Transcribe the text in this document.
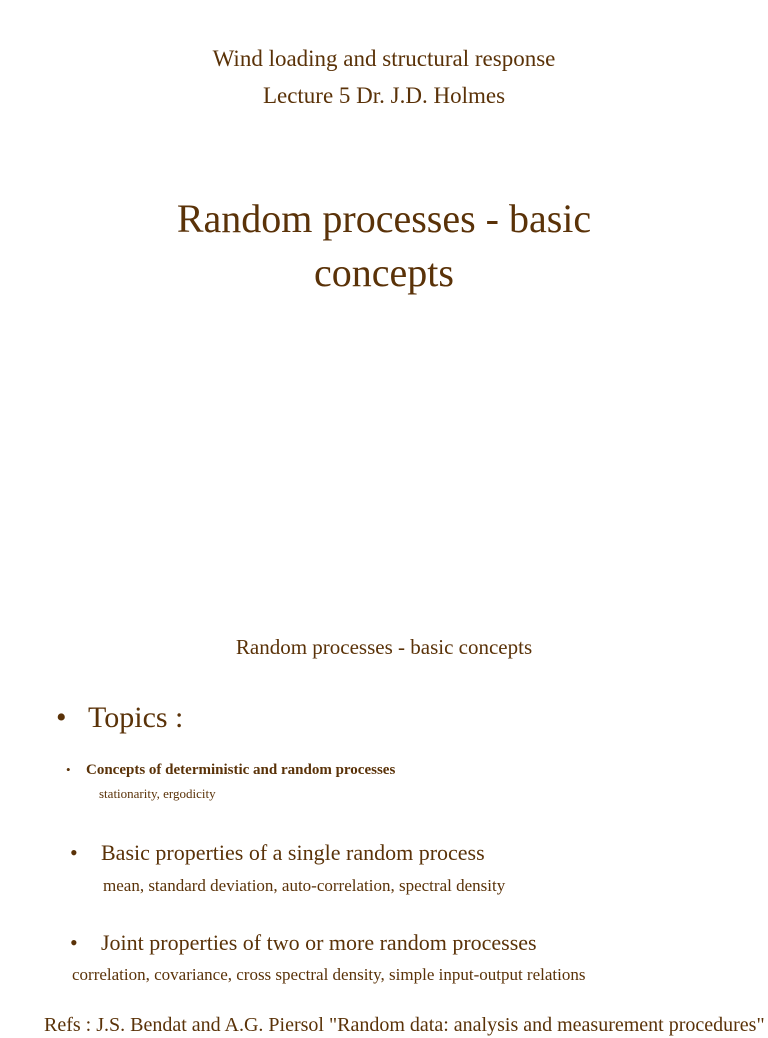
Wind loading and structural response
Lecture 5 Dr. J.D. Holmes
Random processes - basic
concepts
Random processes - basic concepts
• Topics :
• Concepts of deterministic and random processes
stationarity, ergodicity
• Basic properties of a single random process
mean, standard deviation, auto-correlation, spectral density
• Joint properties of two or more random processes
correlation, covariance, cross spectral density, simple input-output relations
Refs : J.S. Bendat and A.G. Piersol "Random data: analysis and measurement procedures"
